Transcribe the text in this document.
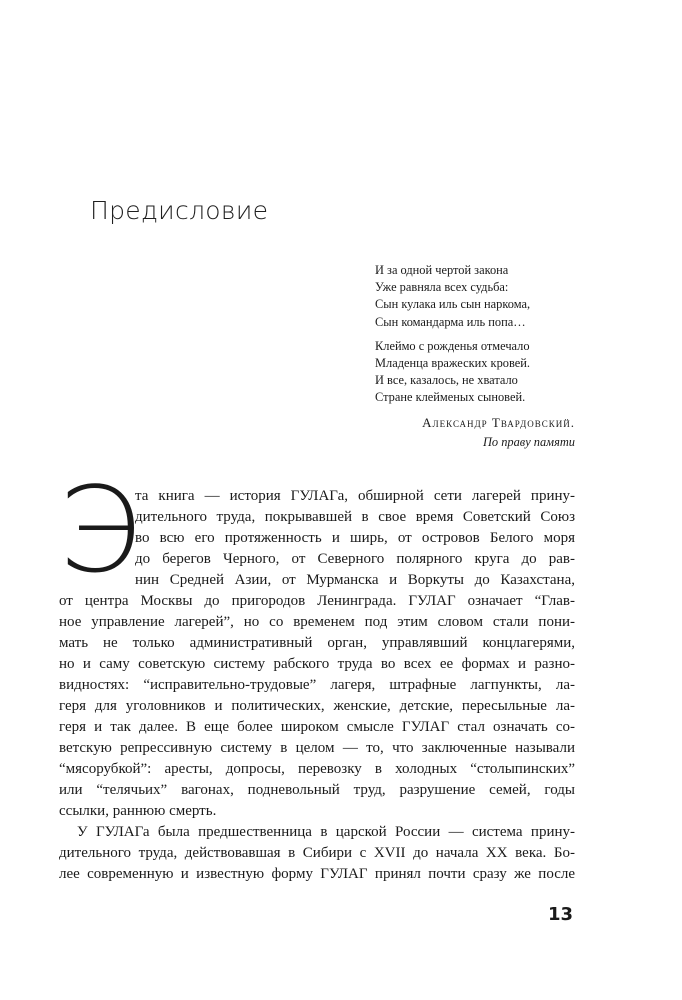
Предисловие
И за одной чертой закона
Уже равняла всех судьба:
Сын кулака иль сын наркома,
Сын командарма иль попа…
Клеймо с рожденья отмечало
Младенца вражеских кровей.
И все, казалось, не хватало
Стране клейменых сыновей.
Александр Твардовский.
По праву памяти
Э
та книга — история ГУЛАГа, обширной сети лагерей прину-
дительного труда, покрывавшей в свое время Советский Союз
во всю его протяженность и ширь, от островов Белого моря
до берегов Черного, от Северного полярного круга до рав-
нин Средней Азии, от Мурманска и Воркуты до Казахстана,
от центра Москвы до пригородов Ленинграда. ГУЛАГ означает “Глав-
ное управление лагерей”, но со временем под этим словом стали пони-
мать не только административный орган, управлявший концлагерями,
но и саму советскую систему рабского труда во всех ее формах и разно-
видностях: “исправительно-трудовые” лагеря, штрафные лагпункты, ла-
геря для уголовников и политических, женские, детские, пересыльные ла-
геря и так далее. В еще более широком смысле ГУЛАГ стал означать со-
ветскую репрессивную систему в целом — то, что заключенные называли
“мясорубкой”: аресты, допросы, перевозку в холодных “столыпинских”
или “телячьих” вагонах, подневольный труд, разрушение семей, годы
ссылки, раннюю смерть.
У ГУЛАГа была предшественница в царской России — система прину-
дительного труда, действовавшая в Сибири с XVII до начала XX века. Бо-
лее современную и известную форму ГУЛАГ принял почти сразу же после
13
